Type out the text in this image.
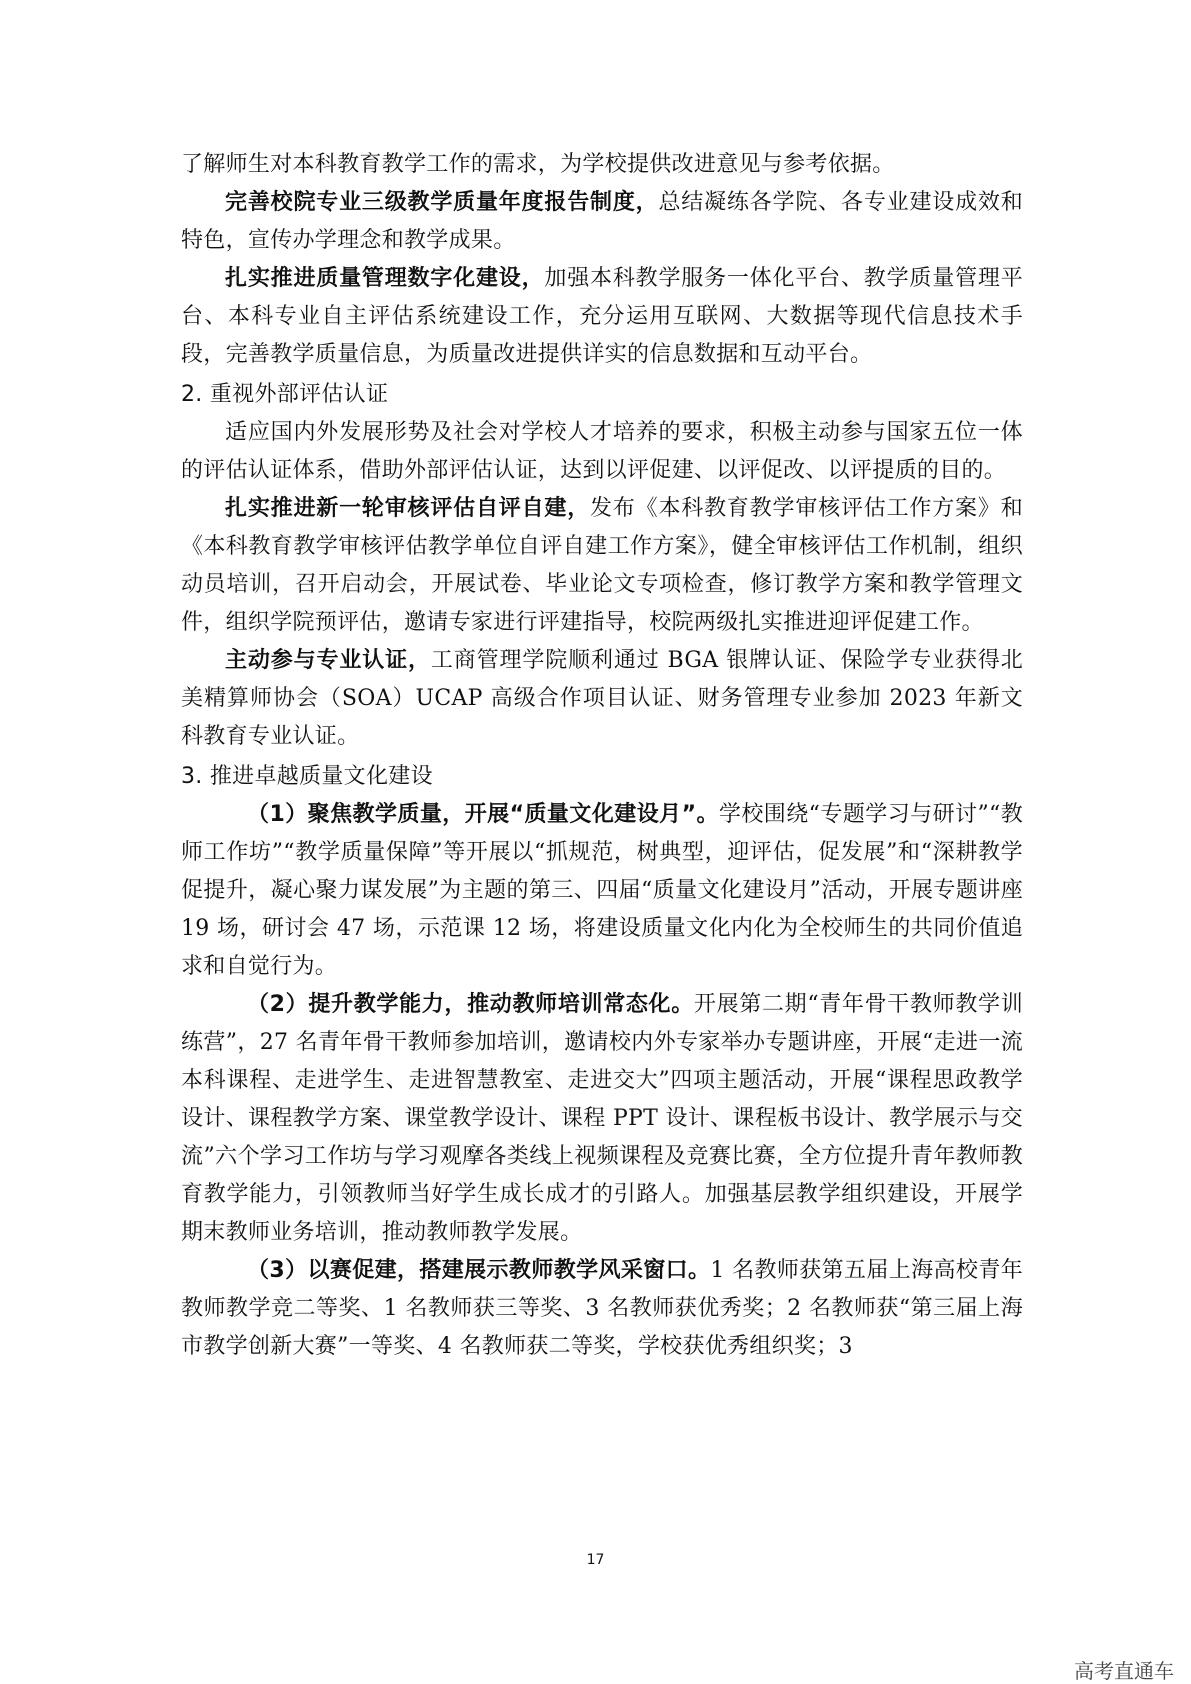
了解师生对本科教育教学工作的需求，为学校提供改进意见与参考依据。

完善校院专业三级教学质量年度报告制度，总结凝练各学院、各专业建设成效和特色，宣传办学理念和教学成果。

扎实推进质量管理数字化建设，加强本科教学服务一体化平台、教学质量管理平台、本科专业自主评估系统建设工作，充分运用互联网、大数据等现代信息技术手段，完善教学质量信息，为质量改进提供详实的信息数据和互动平台。

2. 重视外部评估认证

适应国内外发展形势及社会对学校人才培养的要求，积极主动参与国家五位一体的评估认证体系，借助外部评估认证，达到以评促建、以评促改、以评提质的目的。

扎实推进新一轮审核评估自评自建，发布《本科教育教学审核评估工作方案》和《本科教育教学审核评估教学单位自评自建工作方案》，健全审核评估工作机制，组织动员培训，召开启动会，开展试卷、毕业论文专项检查，修订教学方案和教学管理文件，组织学院预评估，邀请专家进行评建指导，校院两级扎实推进迎评促建工作。

主动参与专业认证，工商管理学院顺利通过 BGA 银牌认证、保险学专业获得北美精算师协会（SOA）UCAP 高级合作项目认证、财务管理专业参加 2023 年新文科教育专业认证。

3. 推进卓越质量文化建设

（1）聚焦教学质量，开展“质量文化建设月”。学校围绕“专题学习与研讨”“教师工作坊”“教学质量保障”等开展以“抓规范，树典型，迎评估，促发展”和“深耕教学促提升，凝心聚力谋发展”为主题的第三、四届“质量文化建设月”活动，开展专题讲座 19 场，研讨会 47 场，示范课 12 场，将建设质量文化内化为全校师生的共同价值追求和自觉行为。

（2）提升教学能力，推动教师培训常态化。开展第二期“青年骨干教师教学训练营”，27 名青年骨干教师参加培训，邀请校内外专家举办专题讲座，开展“走进一流本科课程、走进学生、走进智慧教室、走进交大”四项主题活动，开展“课程思政教学设计、课程教学方案、课堂教学设计、课程 PPT 设计、课程板书设计、教学展示与交流”六个学习工作坊与学习观摩各类线上视频课程及竞赛比赛，全方位提升青年教师教育教学能力，引领教师当好学生成长成才的引路人。加强基层教学组织建设，开展学期末教师业务培训，推动教师教学发展。

（3）以赛促建，搭建展示教师教学风采窗口。1 名教师获第五届上海高校青年教师教学竞二等奖、1 名教师获三等奖、3 名教师获优秀奖；2 名教师获“第三届上海市教学创新大赛”一等奖、4 名教师获二等奖，学校获优秀组织奖；3

17
高考直通车
